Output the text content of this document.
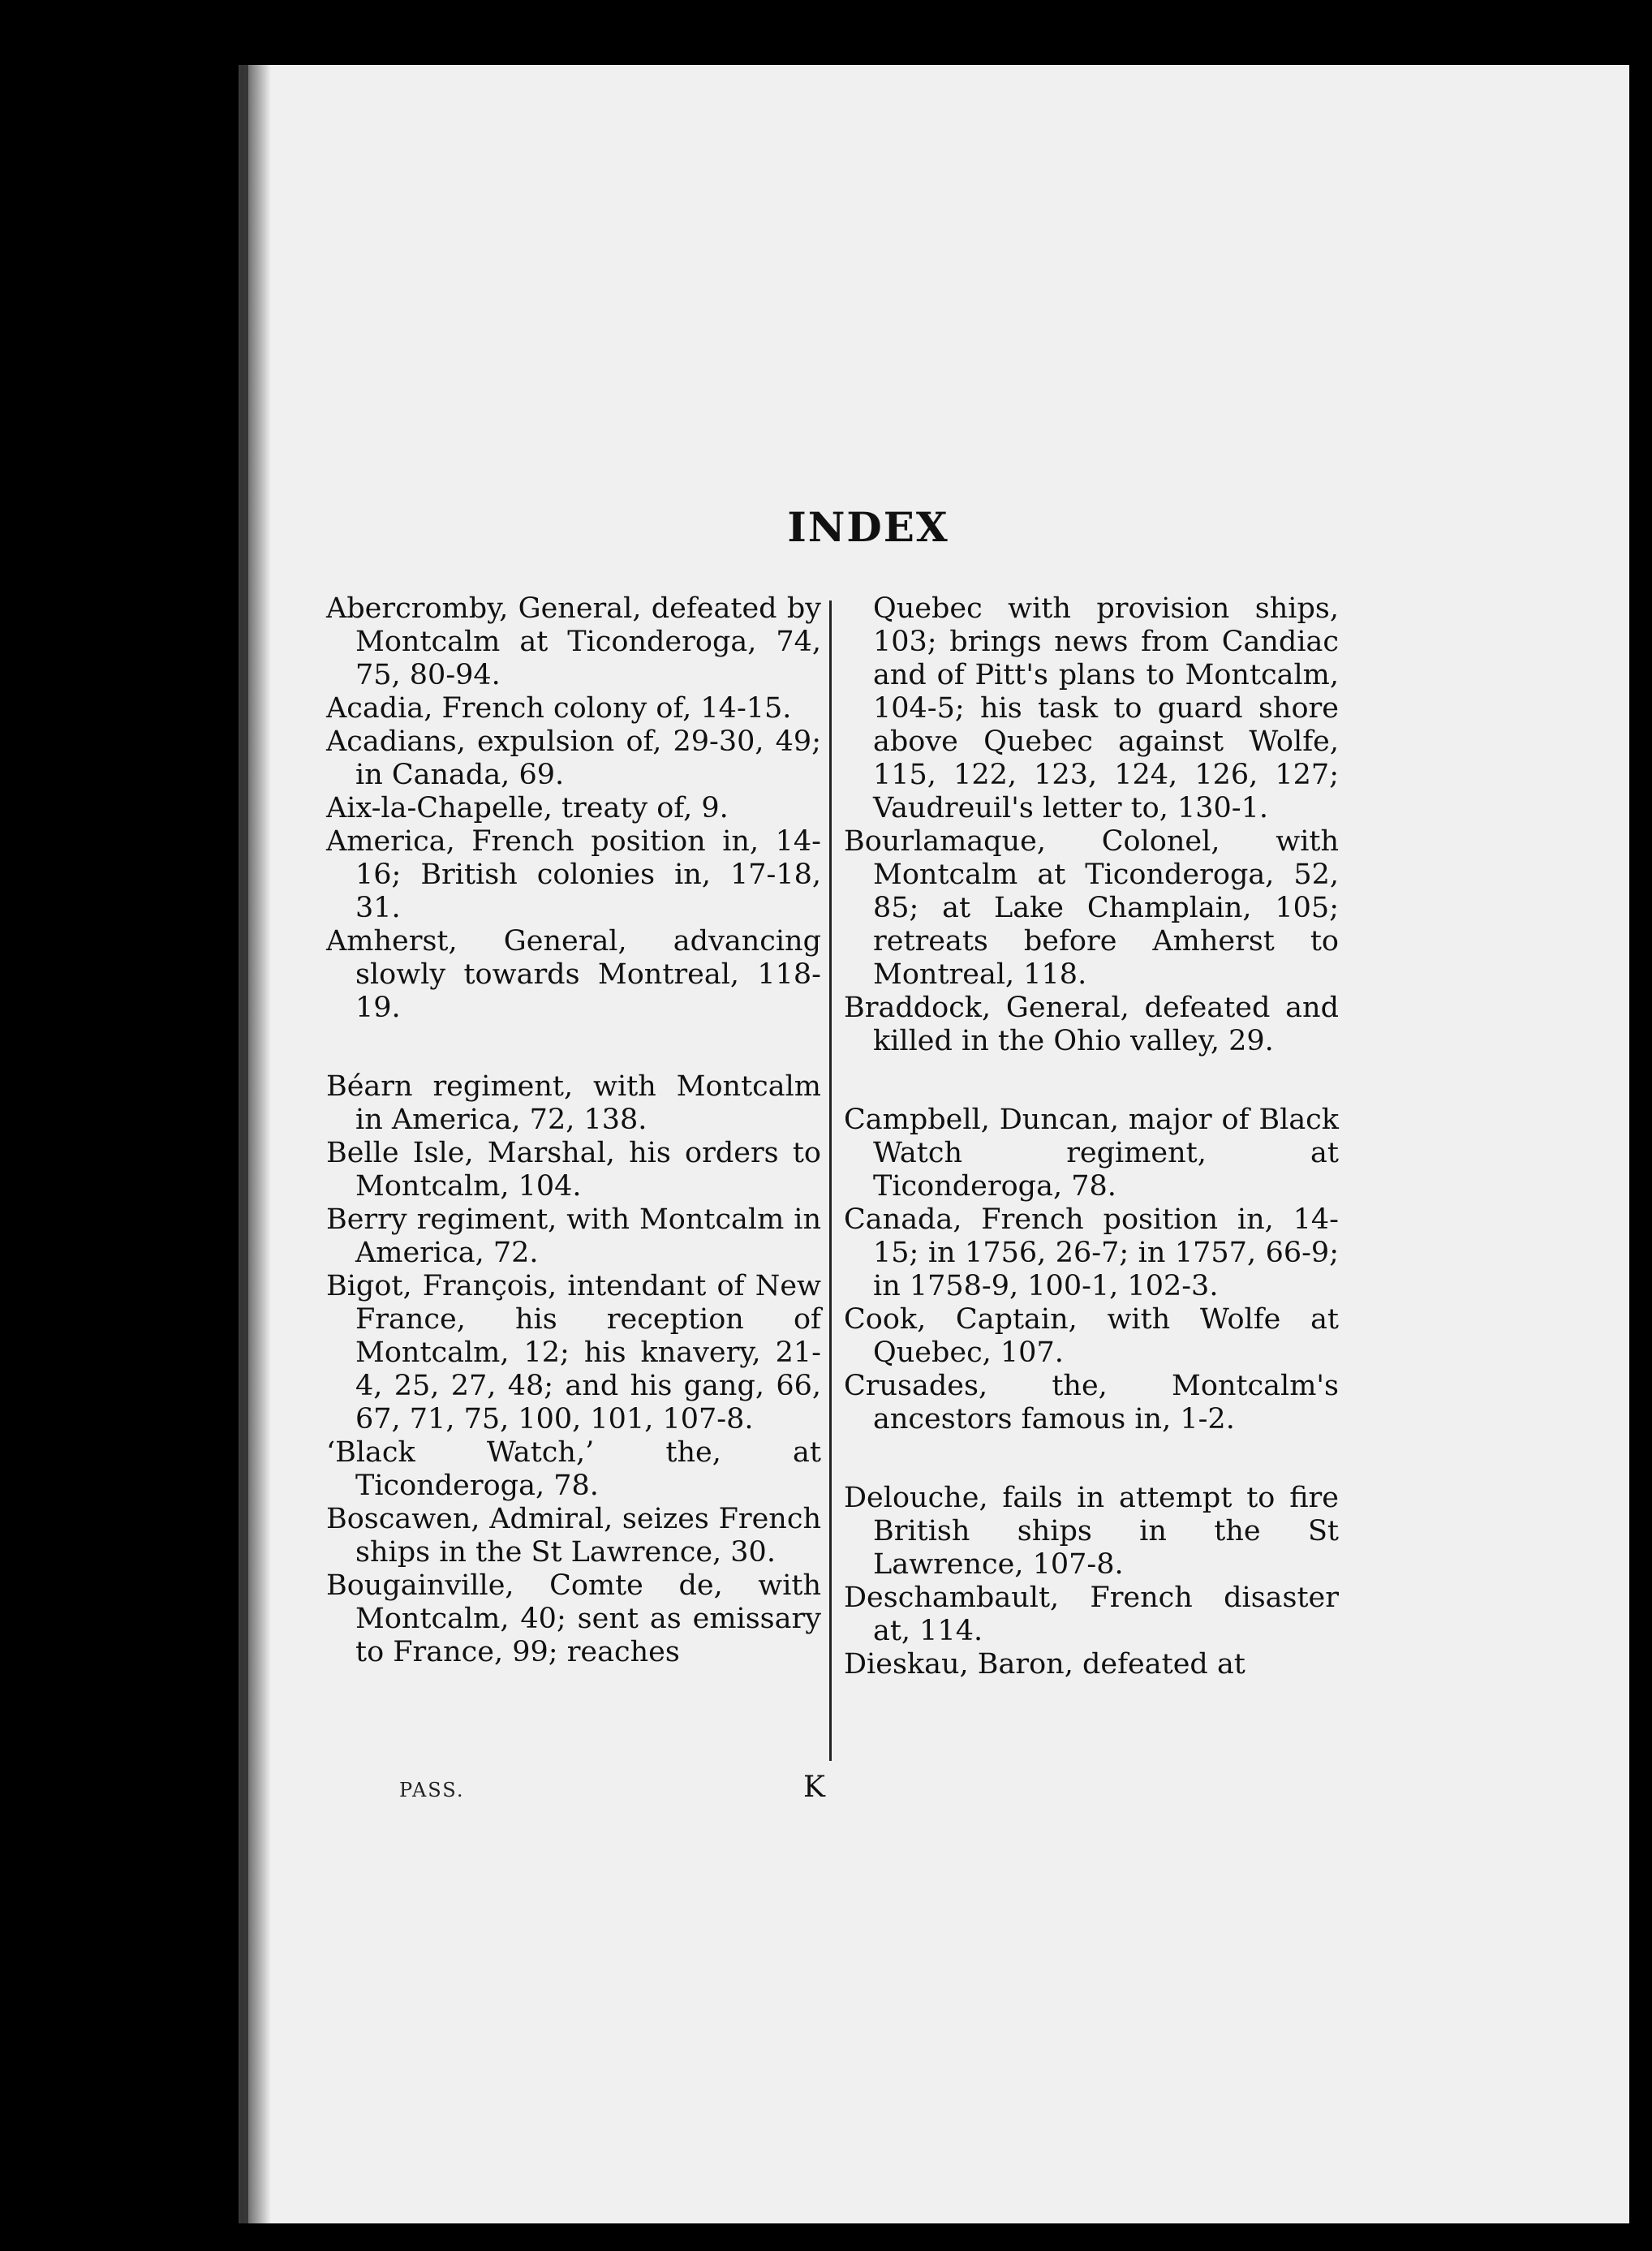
INDEX

Abercromby, General, defeated by Montcalm at Ticonderoga, 74, 75, 80-94.

Acadia, French colony of, 14-15.

Acadians, expulsion of, 29-30, 49; in Canada, 69.

Aix-la-Chapelle, treaty of, 9.

America, French position in, 14-16; British colonies in, 17-18, 31.

Amherst, General, advancing slowly towards Montreal, 118-19.

Béarn regiment, with Montcalm in America, 72, 138.

Belle Isle, Marshal, his orders to Montcalm, 104.

Berry regiment, with Montcalm in America, 72.

Bigot, François, intendant of New France, his reception of Montcalm, 12; his knavery, 21-4, 25, 27, 48; and his gang, 66, 67, 71, 75, 100, 101, 107-8.

‘Black Watch,’ the, at Ticonderoga, 78.

Boscawen, Admiral, seizes French ships in the St Lawrence, 30.

Bougainville, Comte de, with Montcalm, 40; sent as emissary to France, 99; reaches

Quebec with provision ships, 103; brings news from Candiac and of Pitt's plans to Montcalm, 104-5; his task to guard shore above Quebec against Wolfe, 115, 122, 123, 124, 126, 127; Vaudreuil's letter to, 130-1.

Bourlamaque, Colonel, with Montcalm at Ticonderoga, 52, 85; at Lake Champlain, 105; retreats before Amherst to Montreal, 118.

Braddock, General, defeated and killed in the Ohio valley, 29.

Campbell, Duncan, major of Black Watch regiment, at Ticonderoga, 78.

Canada, French position in, 14-15; in 1756, 26-7; in 1757, 66-9; in 1758-9, 100-1, 102-3.

Cook, Captain, with Wolfe at Quebec, 107.

Crusades, the, Montcalm's ancestors famous in, 1-2.

Delouche, fails in attempt to fire British ships in the St Lawrence, 107-8.

Deschambault, French disaster at, 114.

Dieskau, Baron, defeated at

PASS.	K
